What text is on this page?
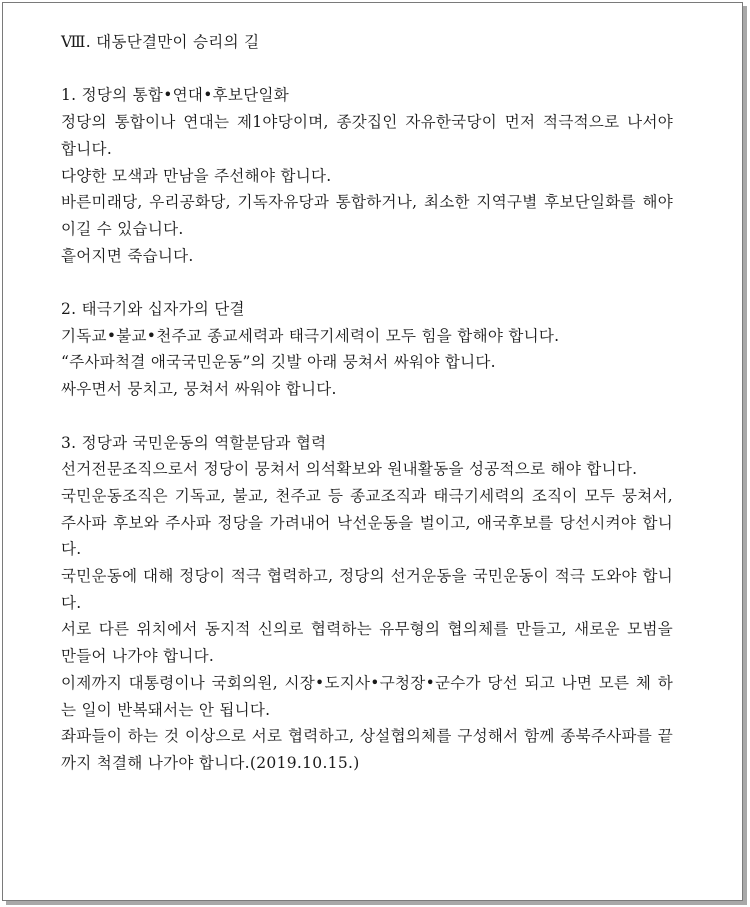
Ⅷ. 대동단결만이 승리의 길

1. 정당의 통합•연대•후보단일화

정당의 통합이나 연대는 제1야당이며, 종갓집인 자유한국당이 먼저 적극적으로 나서야 합니다.

다양한 모색과 만남을 주선해야 합니다.

바른미래당, 우리공화당, 기독자유당과 통합하거나, 최소한 지역구별 후보단일화를 해야 이길 수 있습니다.

흩어지면 죽습니다.

2. 태극기와 십자가의 단결

기독교•불교•천주교 종교세력과 태극기세력이 모두 힘을 합해야 합니다.

“주사파척결 애국국민운동”의 깃발 아래 뭉쳐서 싸워야 합니다.

싸우면서 뭉치고, 뭉쳐서 싸워야 합니다.

3. 정당과 국민운동의 역할분담과 협력

선거전문조직으로서 정당이 뭉쳐서 의석확보와 원내활동을 성공적으로 해야 합니다.

국민운동조직은 기독교, 불교, 천주교 등 종교조직과 태극기세력의 조직이 모두 뭉쳐서, 주사파 후보와 주사파 정당을 가려내어 낙선운동을 벌이고, 애국후보를 당선시켜야 합니다.

국민운동에 대해 정당이 적극 협력하고, 정당의 선거운동을 국민운동이 적극 도와야 합니다.

서로 다른 위치에서 동지적 신의로 협력하는 유무형의 협의체를 만들고, 새로운 모범을 만들어 나가야 합니다.

이제까지 대통령이나 국회의원, 시장•도지사•구청장•군수가 당선 되고 나면 모른 체 하는 일이 반복돼서는 안 됩니다.

좌파들이 하는 것 이상으로 서로 협력하고, 상설협의체를 구성해서 함께 종북주사파를 끝까지 척결해 나가야 합니다.(2019.10.15.)
